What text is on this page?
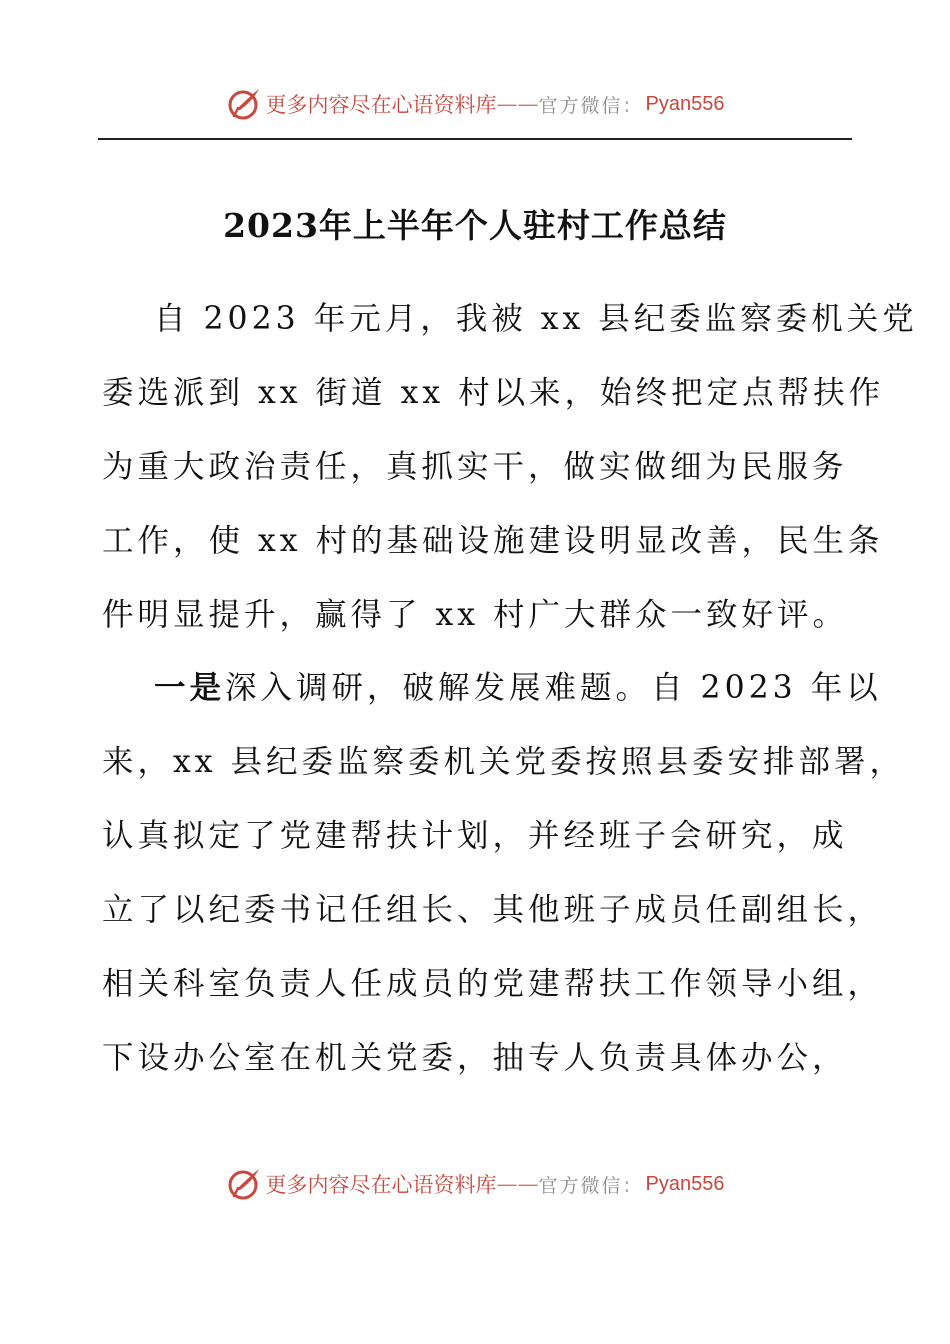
更多内容尽在心语资料库 —— 官方微信： Pyan556
2023年上半年个人驻村工作总结
自 2023 年元月，我被 xx 县纪委监察委机关党
委选派到 xx 街道 xx 村以来，始终把定点帮扶作
为重大政治责任，真抓实干，做实做细为民服务
工作，使 xx 村的基础设施建设明显改善，民生条
件明显提升，赢得了 xx 村广大群众一致好评。
一是深入调研，破解发展难题。自 2023 年以
来，xx 县纪委监察委机关党委按照县委安排部署，
认真拟定了党建帮扶计划，并经班子会研究，成
立了以纪委书记任组长、其他班子成员任副组长，
相关科室负责人任成员的党建帮扶工作领导小组，
下设办公室在机关党委，抽专人负责具体办公，
更多内容尽在心语资料库 —— 官方微信： Pyan556
